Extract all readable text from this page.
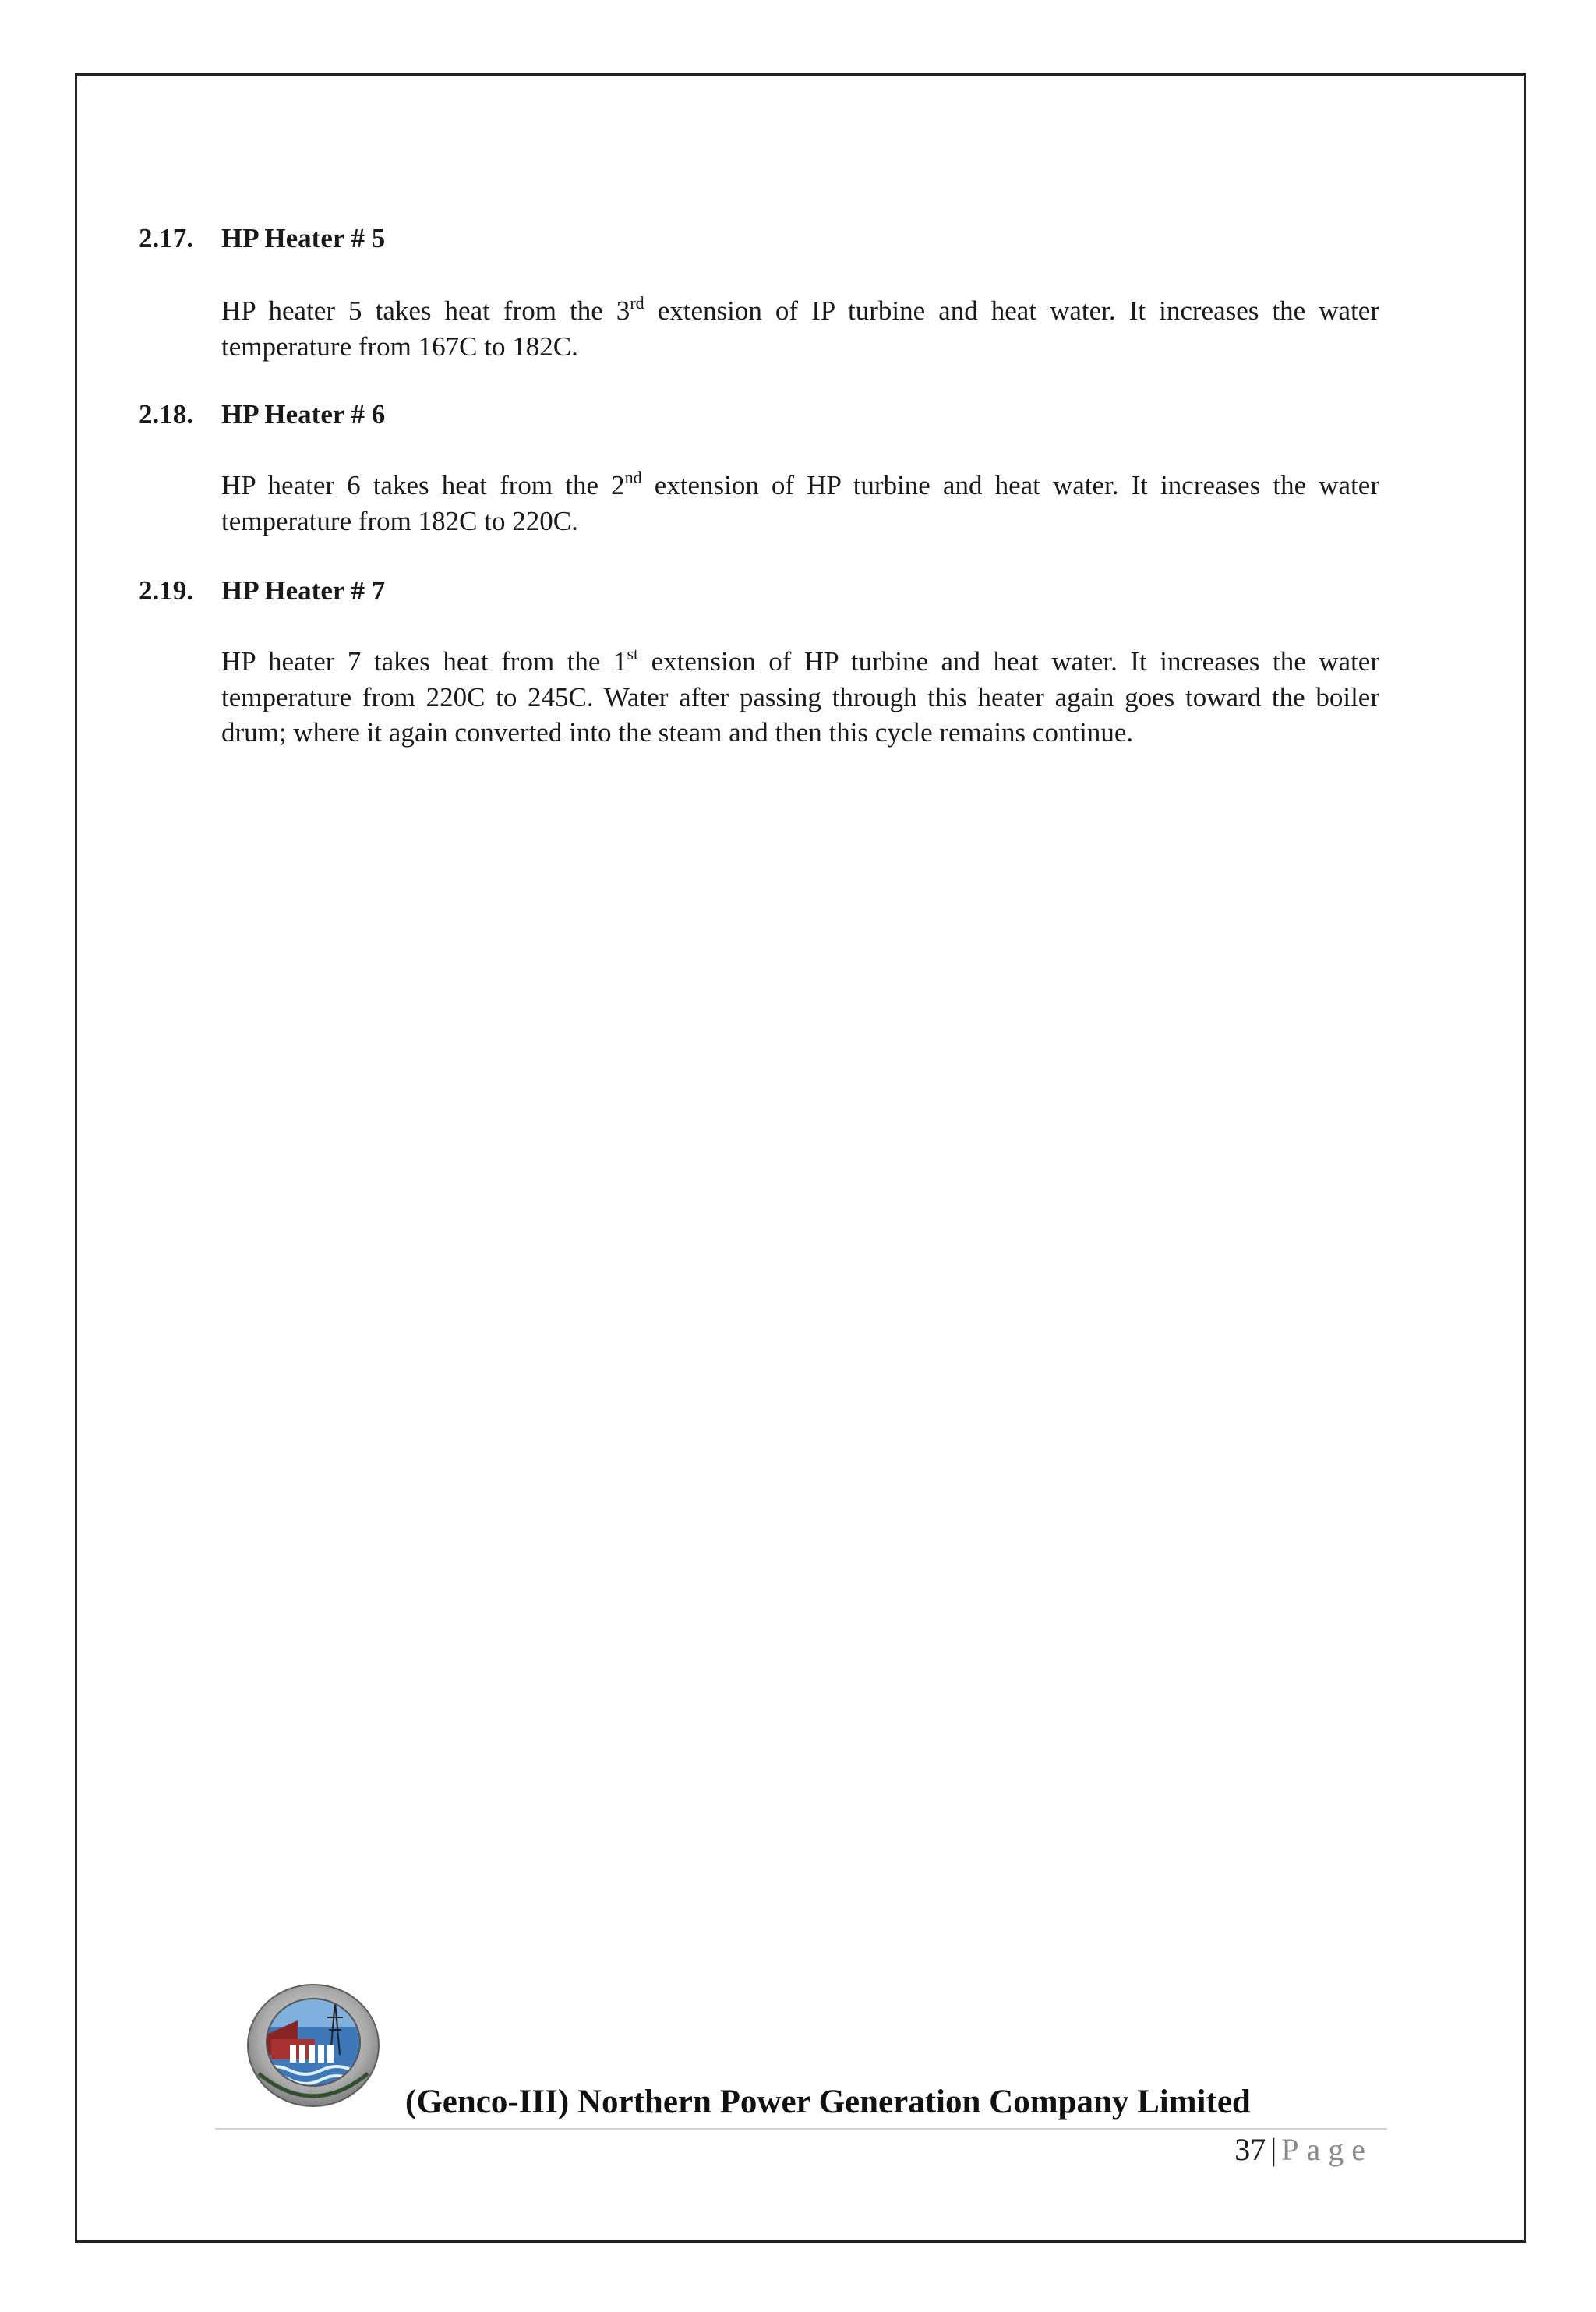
2.17. HP Heater # 5
HP heater 5 takes heat from the 3rd extension of IP turbine and heat water. It increases the water temperature from 167C to 182C.
2.18. HP Heater # 6
HP heater 6 takes heat from the 2nd extension of HP turbine and heat water. It increases the water temperature from 182C to 220C.
2.19. HP Heater # 7
HP heater 7 takes heat from the 1st extension of HP turbine and heat water. It increases the water temperature from 220C to 245C. Water after passing through this heater again goes toward the boiler drum; where it again converted into the steam and then this cycle remains continue.
(Genco-III) Northern Power Generation Company Limited
37 | Page
